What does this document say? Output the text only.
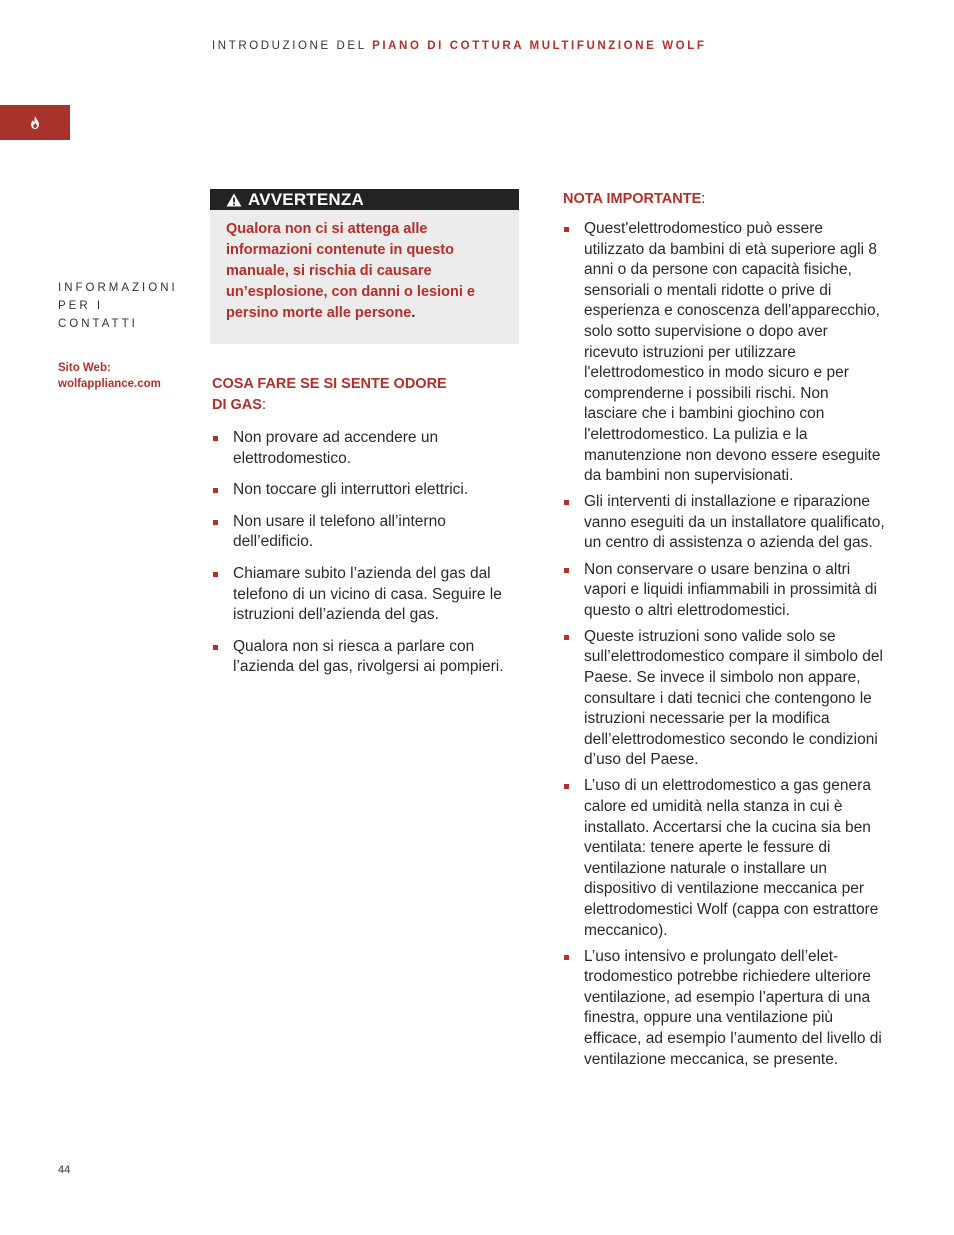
INTRODUZIONE DEL PIANO DI COTTURA MULTIFUNZIONE WOLF
INFORMAZIONI
PER I
CONTATTI
Sito Web:
wolfappliance.com
AVVERTENZA
Qualora non ci si attenga alle informazioni contenute in questo manuale, si rischia di causare un’esplosione, con danni o lesioni e persino morte alle persone.
COSA FARE SE SI SENTE ODORE
DI GAS:
Non provare ad accendere un elettrodomestico.
Non toccare gli interruttori elettrici.
Non usare il telefono all’interno dell’edificio.
Chiamare subito l’azienda del gas dal telefono di un vicino di casa. Seguire le istruzioni dell’azienda del gas.
Qualora non si riesca a parlare con l’azienda del gas, rivolgersi ai pompieri.
NOTA IMPORTANTE:
Quest'elettrodomestico può essere utilizzato da bambini di età superiore agli 8 anni o da persone con capacità fisiche, sensoriali o mentali ridotte o prive di esperienza e conoscenza dell'apparecchio, solo sotto supervisione o dopo aver ricevuto istruzioni per utilizzare l'elettrodomestico in modo sicuro e per comprenderne i possibili rischi. Non lasciare che i bambini giochino con l'elettrodomestico. La pulizia e la manutenzione non devono essere eseguite da bambini non supervisionati.
Gli interventi di installazione e riparazione vanno eseguiti da un installatore qualificato, un centro di assistenza o azienda del gas.
Non conservare o usare benzina o altri vapori e liquidi infiammabili in prossimità di questo o altri elettrodomestici.
Queste istruzioni sono valide solo se sull’elettrodomestico compare il simbolo del Paese. Se invece il simbolo non appare, consultare i dati tecnici che contengono le istruzioni necessarie per la modifica dell’elettrodomestico secondo le condizioni d’uso del Paese.
L’uso di un elettrodomestico a gas genera calore ed umidità nella stanza in cui è installato. Accertarsi che la cucina sia ben ventilata: tenere aperte le fessure di ventilazione naturale o installare un dispositivo di ventilazione meccanica per elettrodomestici Wolf (cappa con estrattore meccanico).
L’uso intensivo e prolungato dell’elettrodomestico potrebbe richiedere ulteriore ventilazione, ad esempio l’apertura di una finestra, oppure una ventilazione più efficace, ad esempio l’aumento del livello di ventilazione meccanica, se presente.
44
